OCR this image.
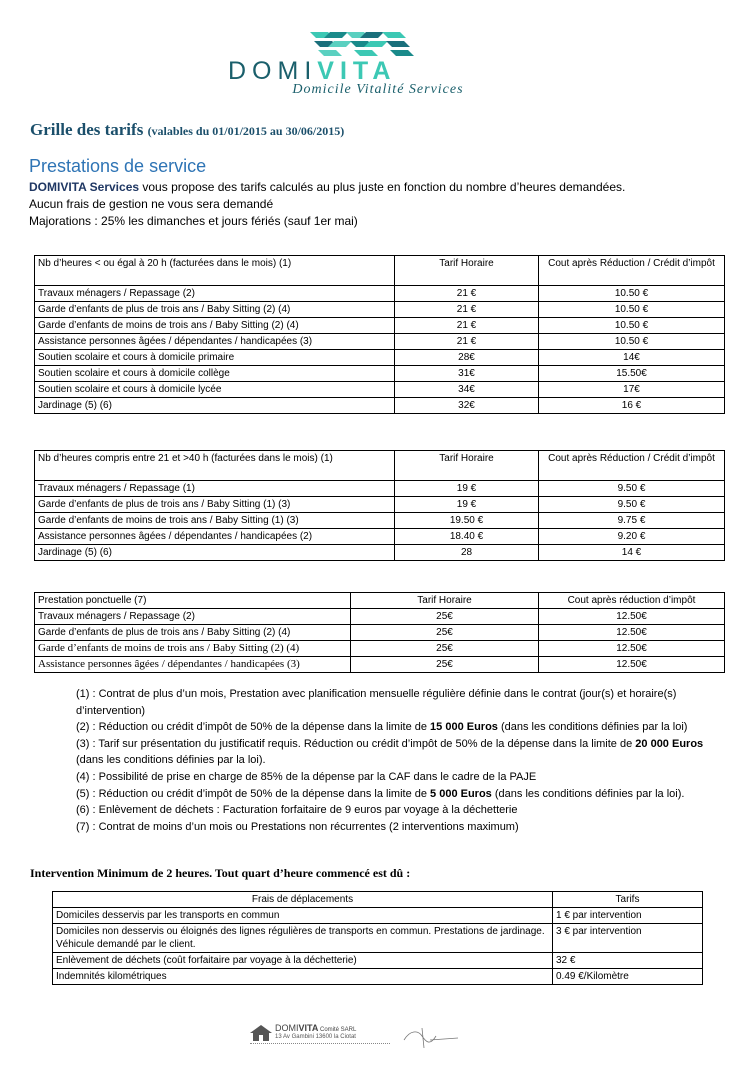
DOMIVITA
Domicile Vitalité Services
Grille des tarifs (valables du 01/01/2015 au 30/06/2015)
Prestations de service
DOMIVITA Services vous propose des tarifs calculés au plus juste en fonction du nombre d’heures demandées.
Aucun frais de gestion ne vous sera demandé
Majorations : 25% les dimanches et jours fériés (sauf 1er mai)
Nb d’heures < ou égal à 20 h (facturées dans le mois) (1)	Tarif Horaire	Cout après Réduction / Crédit d’impôt
Travaux ménagers / Repassage (2)	21 €	10.50 €
Garde d’enfants de plus de trois ans / Baby Sitting (2) (4)	21 €	10.50 €
Garde d’enfants de moins de trois ans / Baby Sitting (2) (4)	21 €	10.50 €
Assistance personnes âgées / dépendantes / handicapées (3)	21 €	10.50 €
Soutien scolaire et cours à domicile primaire	28€	14€
Soutien scolaire et cours à domicile collège	31€	15.50€
Soutien scolaire et cours à domicile lycée	34€	17€
Jardinage (5) (6)	32€	16 €
Nb d’heures compris entre 21 et >40 h (facturées dans le mois) (1)	Tarif Horaire	Cout après Réduction / Crédit d’impôt
Travaux ménagers / Repassage (1)	19 €	9.50 €
Garde d’enfants de plus de trois ans / Baby Sitting (1) (3)	19 €	9.50 €
Garde d’enfants de moins de trois ans / Baby Sitting (1) (3)	19.50 €	9.75 €
Assistance personnes âgées / dépendantes / handicapées (2)	18.40 €	9.20 €
Jardinage (5) (6)	28	14 €
Prestation ponctuelle (7)	Tarif Horaire	Cout après réduction d’impôt
Travaux ménagers / Repassage (2)	25€	12.50€
Garde d’enfants de plus de trois ans / Baby Sitting (2) (4)	25€	12.50€
Garde d’enfants de moins de trois ans / Baby Sitting (2) (4)	25€	12.50€
Assistance personnes âgées / dépendantes / handicapées (3)	25€	12.50€

(1) : Contrat de plus d’un mois, Prestation avec planification mensuelle régulière définie dans le contrat (jour(s) et horaire(s) d’intervention)

(2) : Réduction ou crédit d’impôt de 50% de la dépense dans la limite de 15 000 Euros (dans les conditions définies par la loi)

(3) : Tarif sur présentation du justificatif requis. Réduction ou crédit d’impôt de 50% de la dépense dans la limite de 20 000 Euros (dans les conditions définies par la loi).

(4) : Possibilité de prise en charge de 85% de la dépense par la CAF dans le cadre de la PAJE

(5) : Réduction ou crédit d’impôt de 50% de la dépense dans la limite de 5 000 Euros (dans les conditions définies par la loi).

(6) : Enlèvement de déchets : Facturation forfaitaire de 9 euros par voyage à la déchetterie

(7) : Contrat de moins d’un mois ou Prestations non récurrentes (2 interventions maximum)

Intervention Minimum de 2 heures. Tout quart d’heure commencé est dû :
Frais de déplacements	Tarifs
Domiciles desservis par les transports en commun	1 € par intervention
Domiciles non desservis ou éloignés des lignes régulières de transports en commun. Prestations de jardinage. Véhicule demandé par le client.	3 € par intervention
Enlèvement de déchets (coût forfaitaire par voyage à la déchetterie)	32 €
Indemnités kilométriques	0.49 €/Kilomètre
DOMIVITA Comité SARL
13 Av Gambini 13600 la Ciotat
